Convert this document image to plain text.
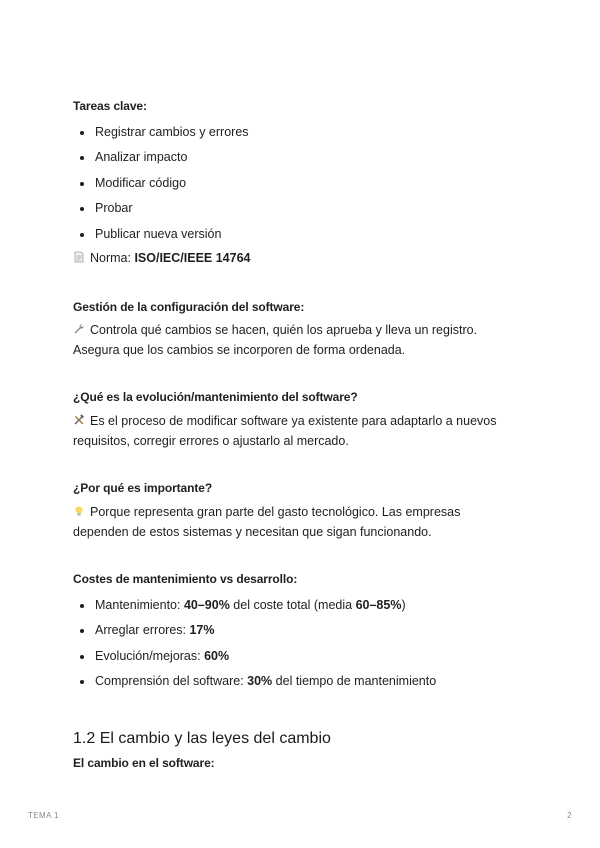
Tareas clave:
Registrar cambios y errores
Analizar impacto
Modificar código
Probar
Publicar nueva versión
Norma: ISO/IEC/IEEE 14764
Gestión de la configuración del software:
Controla qué cambios se hacen, quién los aprueba y lleva un registro. Asegura que los cambios se incorporen de forma ordenada.
¿Qué es la evolución/mantenimiento del software?
Es el proceso de modificar software ya existente para adaptarlo a nuevos requisitos, corregir errores o ajustarlo al mercado.
¿Por qué es importante?
Porque representa gran parte del gasto tecnológico. Las empresas dependen de estos sistemas y necesitan que sigan funcionando.
Costes de mantenimiento vs desarrollo:
Mantenimiento: 40–90% del coste total (media 60–85%)
Arreglar errores: 17%
Evolución/mejoras: 60%
Comprensión del software: 30% del tiempo de mantenimiento
1.2 El cambio y las leyes del cambio
El cambio en el software:
TEMA 1	2
